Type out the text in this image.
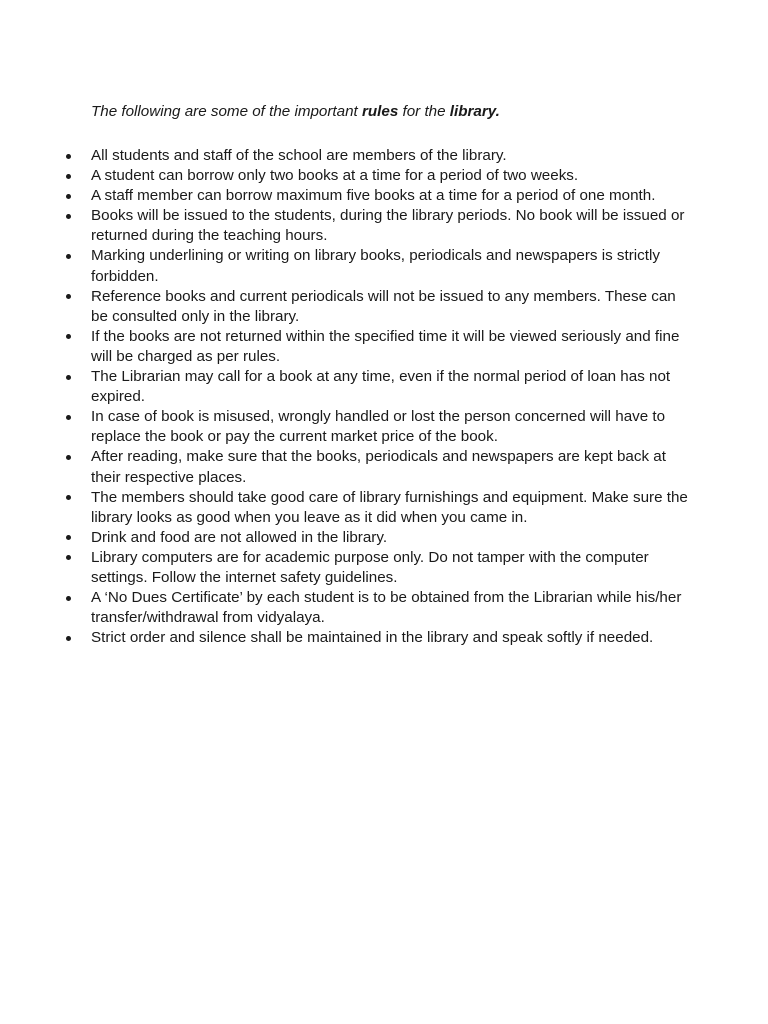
The following are some of the important rules for the library.

All students and staff of the school are members of the library.
A student can borrow only two books at a time for a period of two weeks.
A staff member can borrow maximum five books at a time for a period of one month.
Books will be issued to the students, during the library periods. No book will be issued or returned during the teaching hours.
Marking underlining or writing on library books, periodicals and newspapers is strictly forbidden.
Reference books and current periodicals will not be issued to any members. These can be consulted only in the library.
If the books are not returned within the specified time it will be viewed seriously and fine will be charged as per rules.
The Librarian may call for a book at any time, even if the normal period of loan has not expired.
In case of book is misused, wrongly handled or lost the person concerned will have to replace the book or pay the current market price of the book.
After reading, make sure that the books, periodicals and newspapers are kept back at their respective places.
The members should take good care of library furnishings and equipment. Make sure the library looks as good when you leave as it did when you came in.
Drink and food are not allowed in the library.
Library computers are for academic purpose only. Do not tamper with the computer settings. Follow the internet safety guidelines.
A ‘No Dues Certificate’ by each student is to be obtained from the Librarian while his/her transfer/withdrawal from vidyalaya.
Strict order and silence shall be maintained in the library and speak softly if needed.
